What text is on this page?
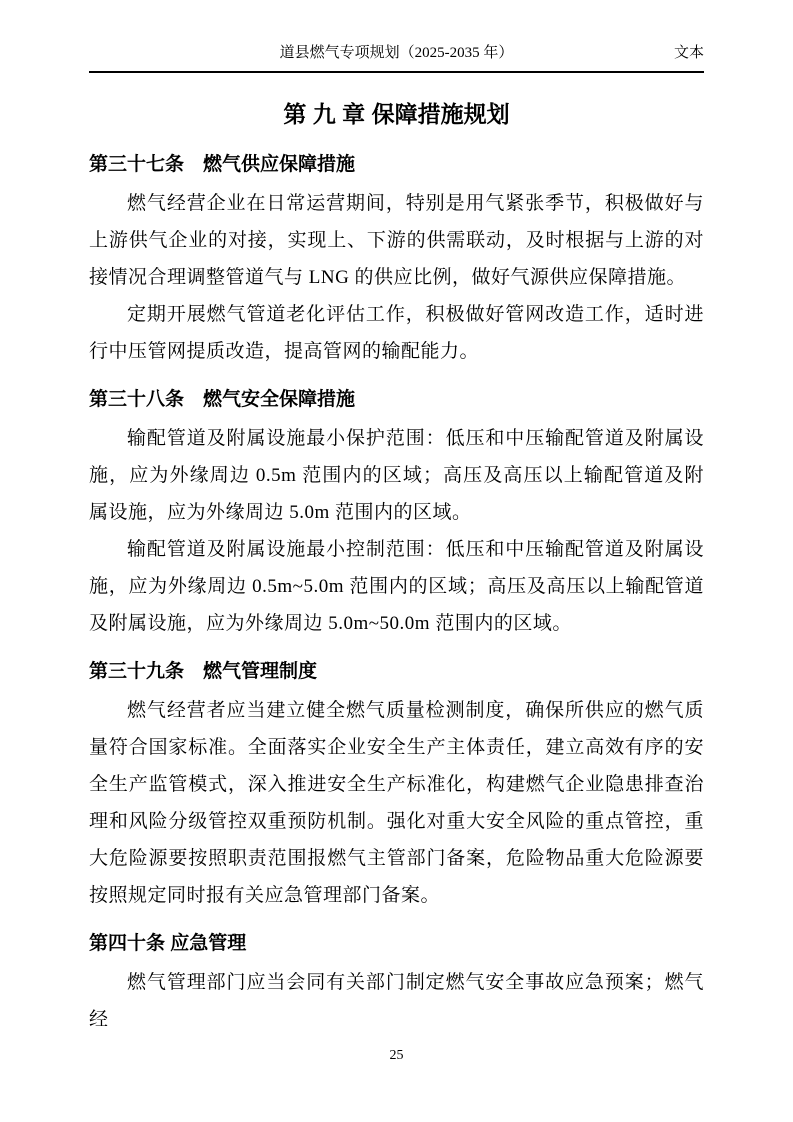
道县燃气专项规划（2025-2035 年）	文本
第 九 章 保障措施规划
第三十七条　燃气供应保障措施

燃气经营企业在日常运营期间，特别是用气紧张季节，积极做好与上游供气企业的对接，实现上、下游的供需联动，及时根据与上游的对接情况合理调整管道气与 LNG 的供应比例，做好气源供应保障措施。

定期开展燃气管道老化评估工作，积极做好管网改造工作，适时进行中压管网提质改造，提高管网的输配能力。

第三十八条　燃气安全保障措施

输配管道及附属设施最小保护范围：低压和中压输配管道及附属设施，应为外缘周边 0.5m 范围内的区域；高压及高压以上输配管道及附属设施，应为外缘周边 5.0m 范围内的区域。

输配管道及附属设施最小控制范围：低压和中压输配管道及附属设施，应为外缘周边 0.5m~5.0m 范围内的区域；高压及高压以上输配管道及附属设施，应为外缘周边 5.0m~50.0m 范围内的区域。

第三十九条　燃气管理制度

燃气经营者应当建立健全燃气质量检测制度，确保所供应的燃气质量符合国家标准。全面落实企业安全生产主体责任，建立高效有序的安全生产监管模式，深入推进安全生产标准化，构建燃气企业隐患排查治理和风险分级管控双重预防机制。强化对重大安全风险的重点管控，重大危险源要按照职责范围报燃气主管部门备案，危险物品重大危险源要按照规定同时报有关应急管理部门备案。

第四十条 应急管理

燃气管理部门应当会同有关部门制定燃气安全事故应急预案；燃气经

25
